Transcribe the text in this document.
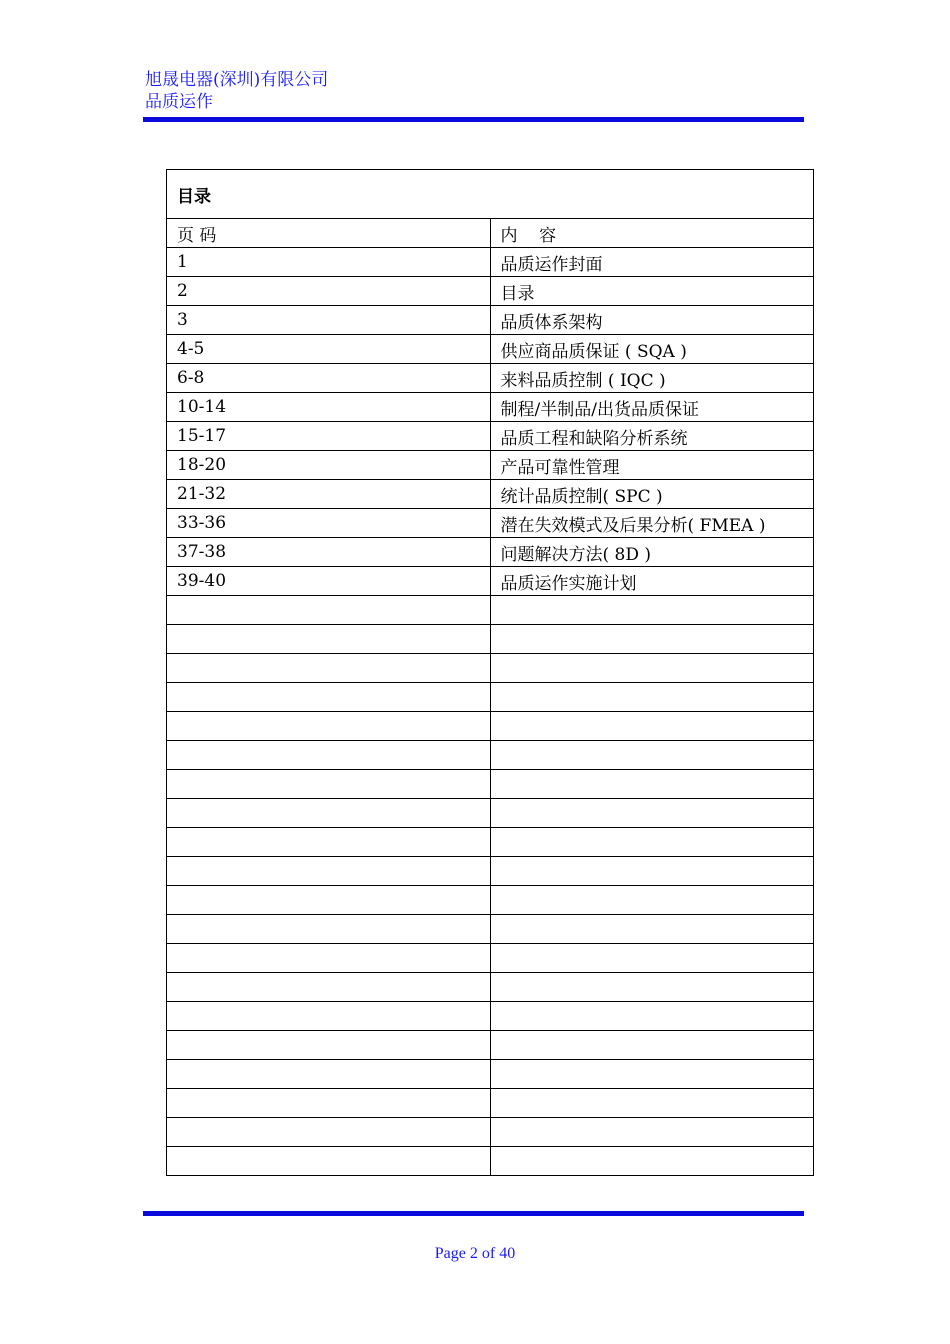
旭晟电器(深圳)有限公司
品质运作
目录	
页 码	内    容
1	品质运作封面
2	目录
3	品质体系架构
4-5	供应商品质保证 ( SQA )
6-8	来料品质控制 ( IQC )
10-14	制程/半制品/出货品质保证
15-17	品质工程和缺陷分析系统
18-20	产品可靠性管理
21-32	统计品质控制( SPC )
33-36	潜在失效模式及后果分析( FMEA )
37-38	问题解决方法( 8D )
39-40	品质运作实施计划

Page 2 of 40
